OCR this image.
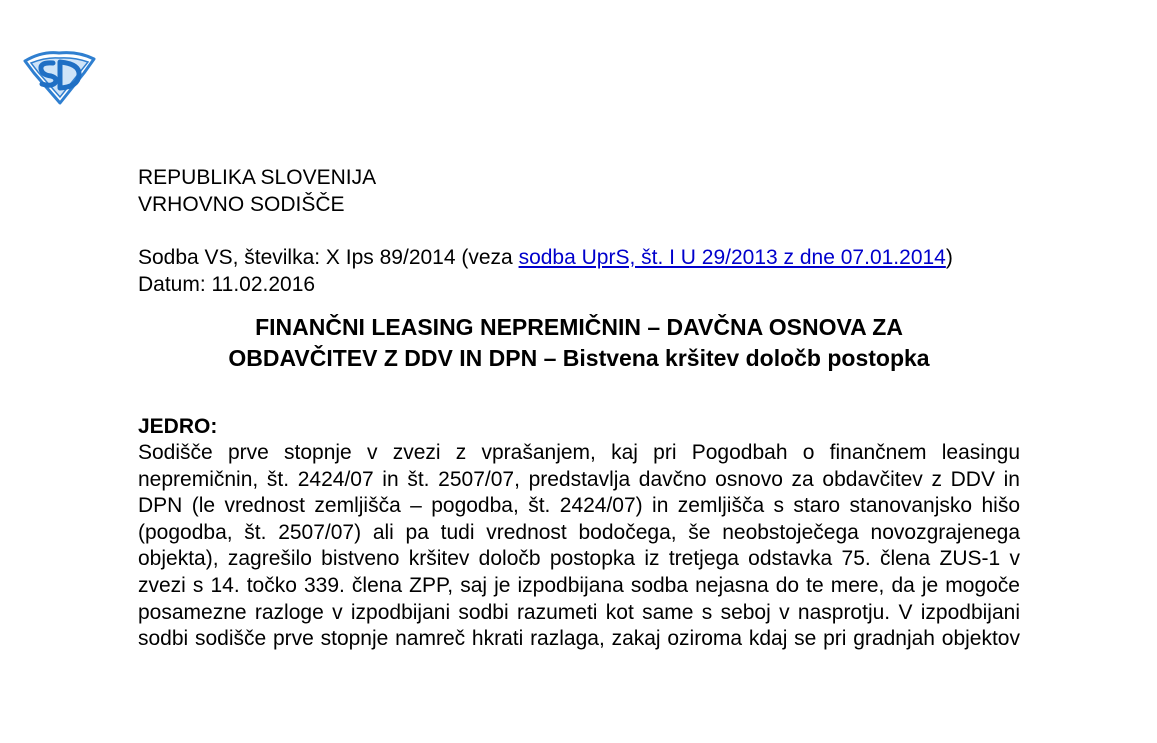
REPUBLIKA SLOVENIJA
VRHOVNO SODIŠČE
Sodba VS, številka: X Ips 89/2014 (veza sodba UprS, št. I U 29/2013 z dne 07.01.2014)
Datum: 11.02.2016
FINANČNI LEASING NEPREMIČNIN – DAVČNA OSNOVA ZA
OBDAVČITEV Z DDV IN DPN – Bistvena kršitev določb postopka
JEDRO:
Sodišče prve stopnje v zvezi z vprašanjem, kaj pri Pogodbah o finančnem leasingu nepremičnin, št. 2424/07 in št. 2507/07, predstavlja davčno osnovo za obdavčitev z DDV in DPN (le vrednost zemljišča – pogodba, št. 2424/07) in zemljišča s staro stanovanjsko hišo (pogodba, št. 2507/07) ali pa tudi vrednost bodočega, še neobstoječega novozgrajenega objekta), zagrešilo bistveno kršitev določb postopka iz tretjega odstavka 75. člena ZUS-1 v zvezi s 14. točko 339. člena ZPP, saj je izpodbijana sodba nejasna do te mere, da je mogoče posamezne razloge v izpodbijani sodbi razumeti kot same s seboj v nasprotju. V izpodbijani sodbi sodišče prve stopnje namreč hkrati razlaga, zakaj oziroma kdaj se pri gradnjah objektov
